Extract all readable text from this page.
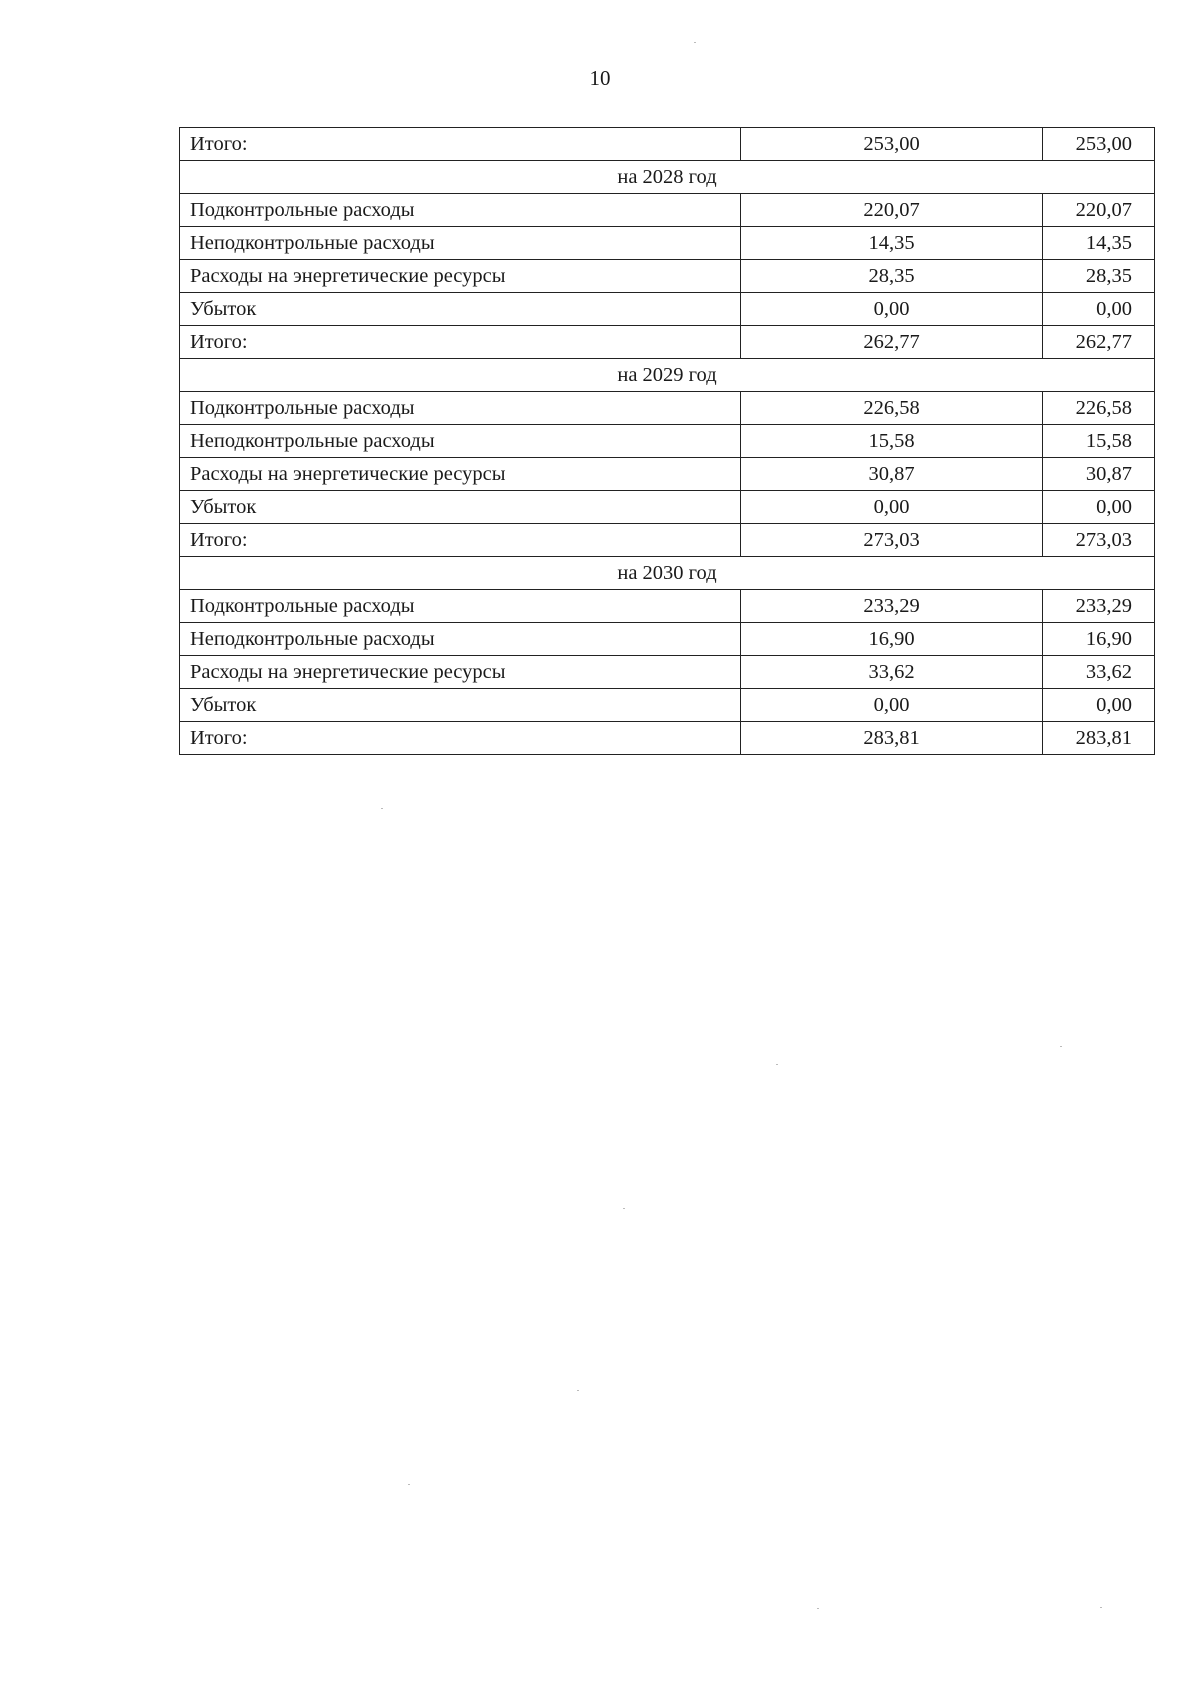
10
Итого:	253,00	253,00
на 2028 год		
Подконтрольные расходы	220,07	220,07
Неподконтрольные расходы	14,35	14,35
Расходы на энергетические ресурсы	28,35	28,35
Убыток	0,00	0,00
Итого:	262,77	262,77
на 2029 год		
Подконтрольные расходы	226,58	226,58
Неподконтрольные расходы	15,58	15,58
Расходы на энергетические ресурсы	30,87	30,87
Убыток	0,00	0,00
Итого:	273,03	273,03
на 2030 год		
Подконтрольные расходы	233,29	233,29
Неподконтрольные расходы	16,90	16,90
Расходы на энергетические ресурсы	33,62	33,62
Убыток	0,00	0,00
Итого:	283,81	283,81
